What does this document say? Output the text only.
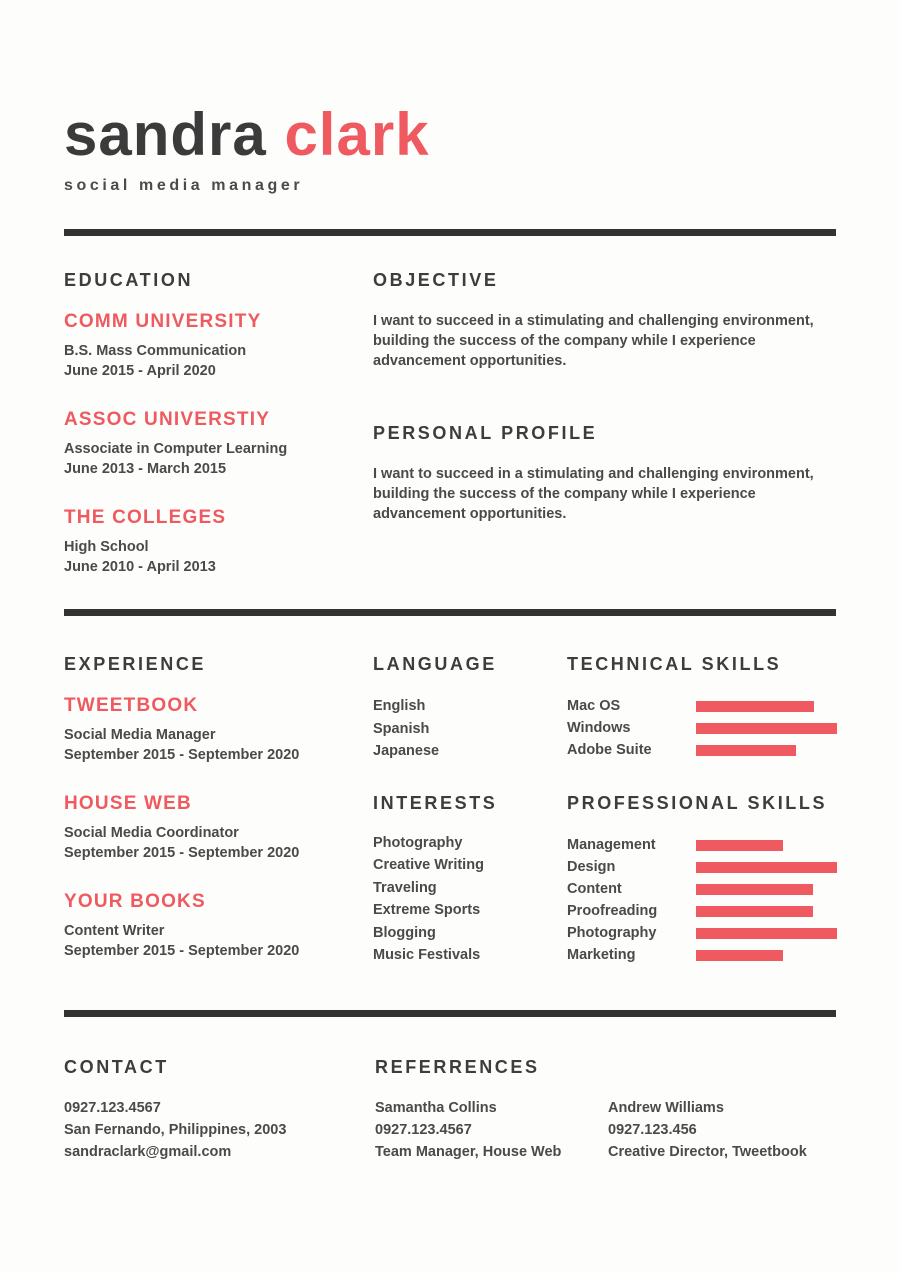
sandra clark
social media manager
EDUCATION
COMM UNIVERSITY
B.S. Mass Communication
June 2015 - April 2020
ASSOC UNIVERSTIY
Associate in Computer Learning
June 2013 - March 2015
THE COLLEGES
High School
June 2010 - April 2013
OBJECTIVE

I want to succeed in a stimulating and challenging environment, building the success of the company while I experience advancement opportunities.

PERSONAL PROFILE

I want to succeed in a stimulating and challenging environment, building the success of the company while I experience advancement opportunities.

EXPERIENCE
TWEETBOOK
Social Media Manager
September 2015 - September 2020
HOUSE WEB
Social Media Coordinator
September 2015 - September 2020
YOUR BOOKS
Content Writer
September 2015 - September 2020
LANGUAGE
English
Spanish
Japanese
INTERESTS
Photography
Creative Writing
Traveling
Extreme Sports
Blogging
Music Festivals
TECHNICAL SKILLS
Mac OS
Windows
Adobe Suite
PROFESSIONAL SKILLS
Management
Design
Content
Proofreading
Photography
Marketing
CONTACT
0927.123.4567
San Fernando, Philippines, 2003
sandraclark@gmail.com
REFERRENCES
Samantha Collins
0927.123.4567
Team Manager, House Web
Andrew Williams
0927.123.456
Creative Director, Tweetbook
